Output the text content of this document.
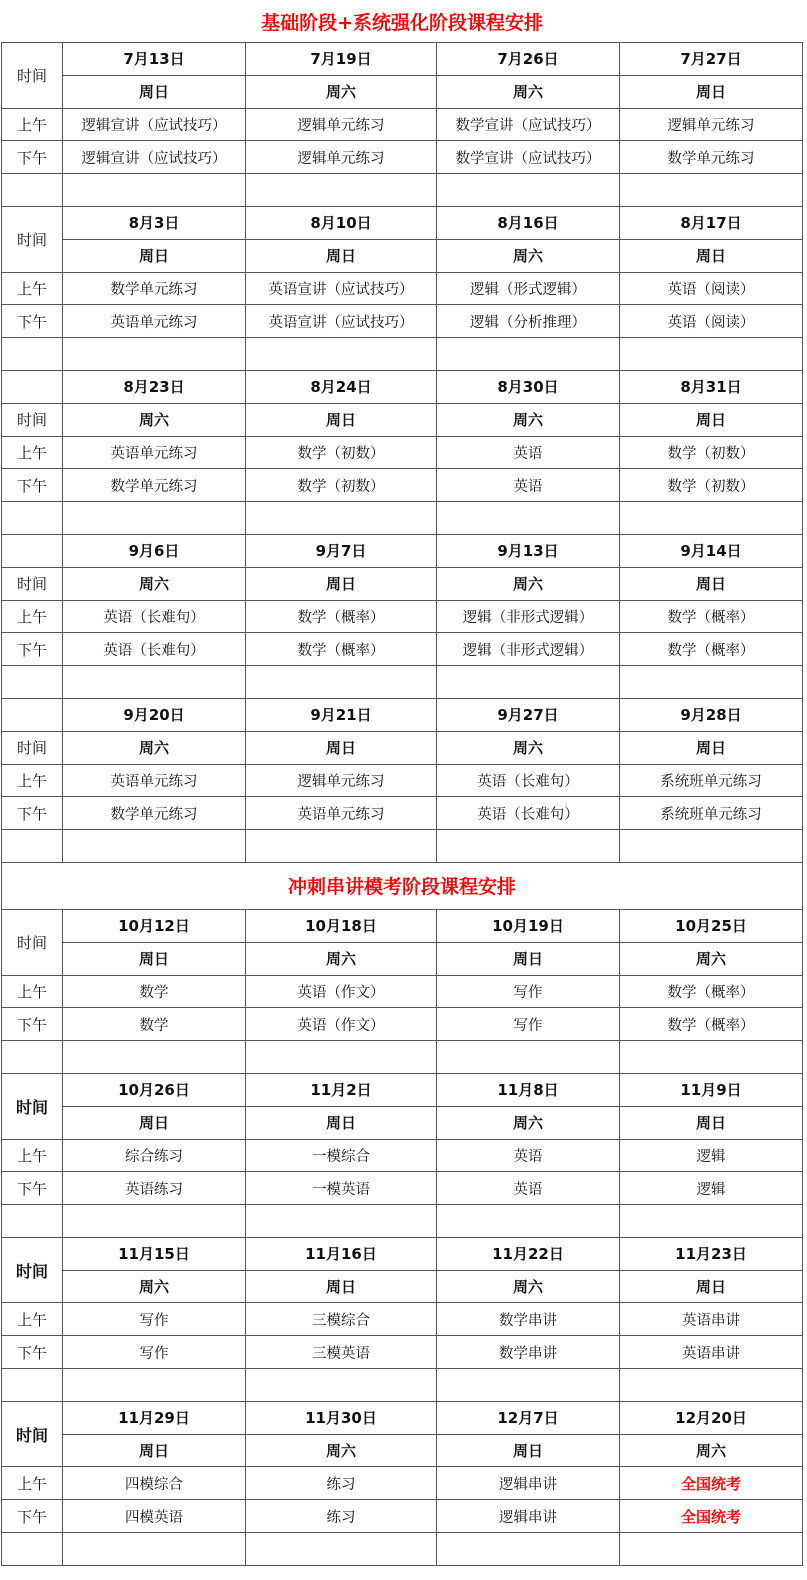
基础阶段+系统强化阶段课程安排				
时间	7月13日	7月19日	7月26日	7月27日
	周日	周六	周六	周日
上午	逻辑宣讲（应试技巧）	逻辑单元练习	数学宣讲（应试技巧）	逻辑单元练习
下午	逻辑宣讲（应试技巧）	逻辑单元练习	数学宣讲（应试技巧）	数学单元练习

时间	8月3日	8月10日	8月16日	8月17日
	周日	周日	周六	周日
上午	数学单元练习	英语宣讲（应试技巧）	逻辑（形式逻辑）	英语（阅读）
下午	英语单元练习	英语宣讲（应试技巧）	逻辑（分析推理）	英语（阅读）

	8月23日	8月24日	8月30日	8月31日
时间	周六	周日	周六	周日
上午	英语单元练习	数学（初数）	英语	数学（初数）
下午	数学单元练习	数学（初数）	英语	数学（初数）

	9月6日	9月7日	9月13日	9月14日
时间	周六	周日	周六	周日
上午	英语（长难句）	数学（概率）	逻辑（非形式逻辑）	数学（概率）
下午	英语（长难句）	数学（概率）	逻辑（非形式逻辑）	数学（概率）

	9月20日	9月21日	9月27日	9月28日
时间	周六	周日	周六	周日
上午	英语单元练习	逻辑单元练习	英语（长难句）	系统班单元练习
下午	数学单元练习	英语单元练习	英语（长难句）	系统班单元练习

冲刺串讲模考阶段课程安排				
时间	10月12日	10月18日	10月19日	10月25日
	周日	周六	周日	周六
上午	数学	英语（作文）	写作	数学（概率）
下午	数学	英语（作文）	写作	数学（概率）

时间	10月26日	11月2日	11月8日	11月9日
	周日	周日	周六	周日
上午	综合练习	一模综合	英语	逻辑
下午	英语练习	一模英语	英语	逻辑

时间	11月15日	11月16日	11月22日	11月23日
	周六	周日	周六	周日
上午	写作	三模综合	数学串讲	英语串讲
下午	写作	三模英语	数学串讲	英语串讲

时间	11月29日	11月30日	12月7日	12月20日
	周日	周六	周日	周六
上午	四模综合	练习	逻辑串讲	全国统考
下午	四模英语	练习	逻辑串讲	全国统考
